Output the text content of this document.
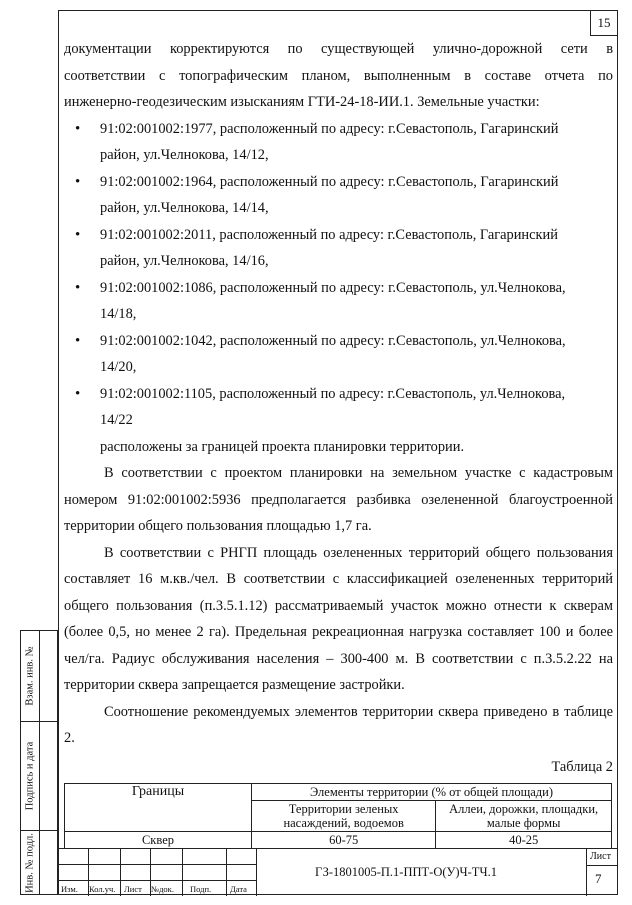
15

документации корректируются по существующей улично-дорожной сети в

соответствии с топографическим планом, выполненным в составе отчета по

инженерно-геодезическим изысканиям ГТИ-24-18-ИИ.1. Земельные участки:

• 91:02:001002:1977, расположенный по адресу: г.Севастополь, Гагаринский район, ул.Челнокова, 14/12,
• 91:02:001002:1964, расположенный по адресу: г.Севастополь, Гагаринский район, ул.Челнокова, 14/14,
• 91:02:001002:2011, расположенный по адресу: г.Севастополь, Гагаринский район, ул.Челнокова, 14/16,
• 91:02:001002:1086, расположенный по адресу: г.Севастополь, ул.Челнокова, 14/18,
• 91:02:001002:1042, расположенный по адресу: г.Севастополь, ул.Челнокова, 14/20,
• 91:02:001002:1105, расположенный по адресу: г.Севастополь, ул.Челнокова, 14/22

расположены за границей проекта планировки территории.

В соответствии с проектом планировки на земельном участке с кадастровым номером 91:02:001002:5936 предполагается разбивка озелененной благоустроенной территории общего пользования площадью 1,7 га.

В соответствии с РНГП площадь озелененных территорий общего пользования составляет 16 м.кв./чел. В соответствии с классификацией озелененных территорий общего пользования (п.3.5.1.12) рассматриваемый участок можно отнести к скверам (более 0,5, но менее 2 га). Предельная рекреационная нагрузка составляет 100 и более чел/га. Радиус обслуживания населения – 300-400 м. В соответствии с п.3.5.2.22 на территории сквера запрещается размещение застройки.

Соотношение рекомендуемых элементов территории сквера приведено в таблице 2.

Таблица 2

Границы	Элементы территории (% от общей площади)	
	Территории зеленых насаждений, водоемов	Аллеи, дорожки, площадки, малые формы
Сквер	60-75	40-25
Взам. инв. №
Подпись и дата
Инв. № подл.	Изм. Кол.уч. Лист №док. Подп. Дата
ГЗ-1801005-П.1-ППТ-О(У)Ч-ТЧ.1
Лист
7
